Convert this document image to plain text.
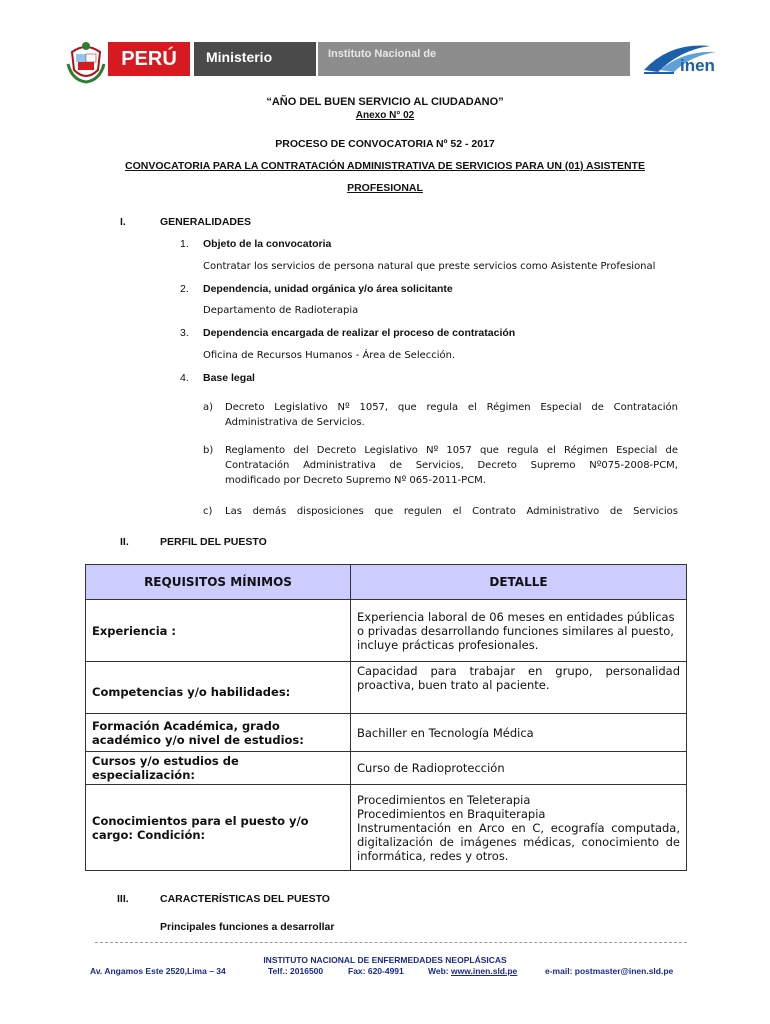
PERÚ	Ministerio	Instituto Nacional de
inen
“AÑO DEL BUEN SERVICIO AL CIUDADANO”
Anexo N° 02
PROCESO DE CONVOCATORIA Nº 52 - 2017
CONVOCATORIA PARA LA CONTRATACIÓN ADMINISTRATIVA DE SERVICIOS PARA UN (01) ASISTENTE
PROFESIONAL
I.	GENERALIDADES
1. Objeto de la convocatoria
Contratar los servicios de persona natural que preste servicios como Asistente Profesional
2. Dependencia, unidad orgánica y/o área solicitante
Departamento de Radioterapia
3. Dependencia encargada de realizar el proceso de contratación
Oficina de Recursos Humanos - Área de Selección.
4. Base legal
a) Decreto Legislativo Nº 1057, que regula el Régimen Especial de Contratación
Administrativa de Servicios.
b) Reglamento del Decreto Legislativo Nº 1057 que regula el Régimen Especial de
Contratación Administrativa de Servicios, Decreto Supremo Nº075-2008-PCM,
modificado por Decreto Supremo Nº 065-2011-PCM.
c) Las demás disposiciones que regulen el Contrato Administrativo de Servicios
II.	PERFIL DEL PUESTO
REQUISITOS MÍNIMOS	DETALLE
Experiencia :	Experiencia laboral de 06 meses en entidades públicas
o privadas desarrollando funciones similares al puesto,
incluye prácticas profesionales.

Competencias y/o habilidades:	Capacidad para trabajar en grupo, personalidad
proactiva, buen trato al paciente.

Formación Académica, grado académico y/o nivel de estudios:	Bachiller en Tecnología Médica

Cursos y/o estudios de especialización:	Curso de Radioprotección

Conocimientos para el puesto y/o cargo: Condición:	Procedimientos en Teleterapia
Procedimientos en Braquiterapia
Instrumentación en Arco en C, ecografía computada,
digitalización de imágenes médicas, conocimiento de
informática, redes y otros.
III.	CARACTERÍSTICAS DEL PUESTO
Principales funciones a desarrollar
INSTITUTO NACIONAL DE ENFERMEDADES NEOPLÁSICAS
Av. Angamos Este 2520,Lima – 34	Telf.: 2016500	Fax: 620-4991	Web: www.inen.sld.pe	e-mail: postmaster@inen.sld.pe
